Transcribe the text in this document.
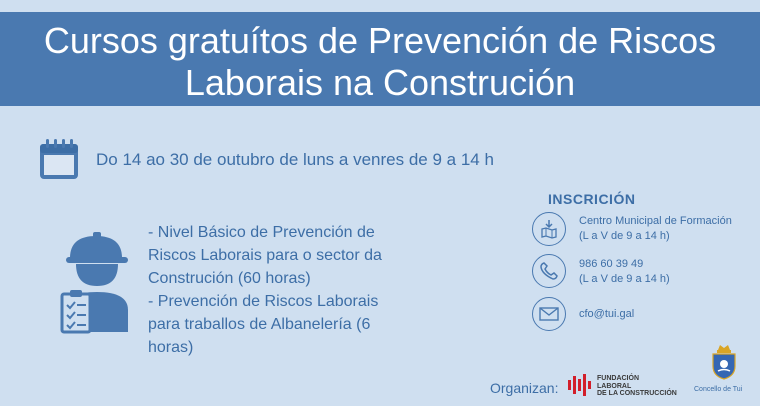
Cursos gratuítos de Prevención de Riscos
Laborais na Construción
Do 14 ao 30 de outubro de luns a venres de 9 a 14 h
- Nivel Básico de Prevención de Riscos Laborais para o sector da Construción (60 horas)
- Prevención de Riscos Laborais para traballos de Albanelería (6 horas)
INSCRICIÓN
Centro Municipal de Formación
(L a V de 9 a 14 h)
986 60 39 49
(L a V de 9 a 14 h)
cfo@tui.gal
Organizan:
FUNDACIÓN
LABORAL
DE LA CONSTRUCCIÓN
Concello de Tui
